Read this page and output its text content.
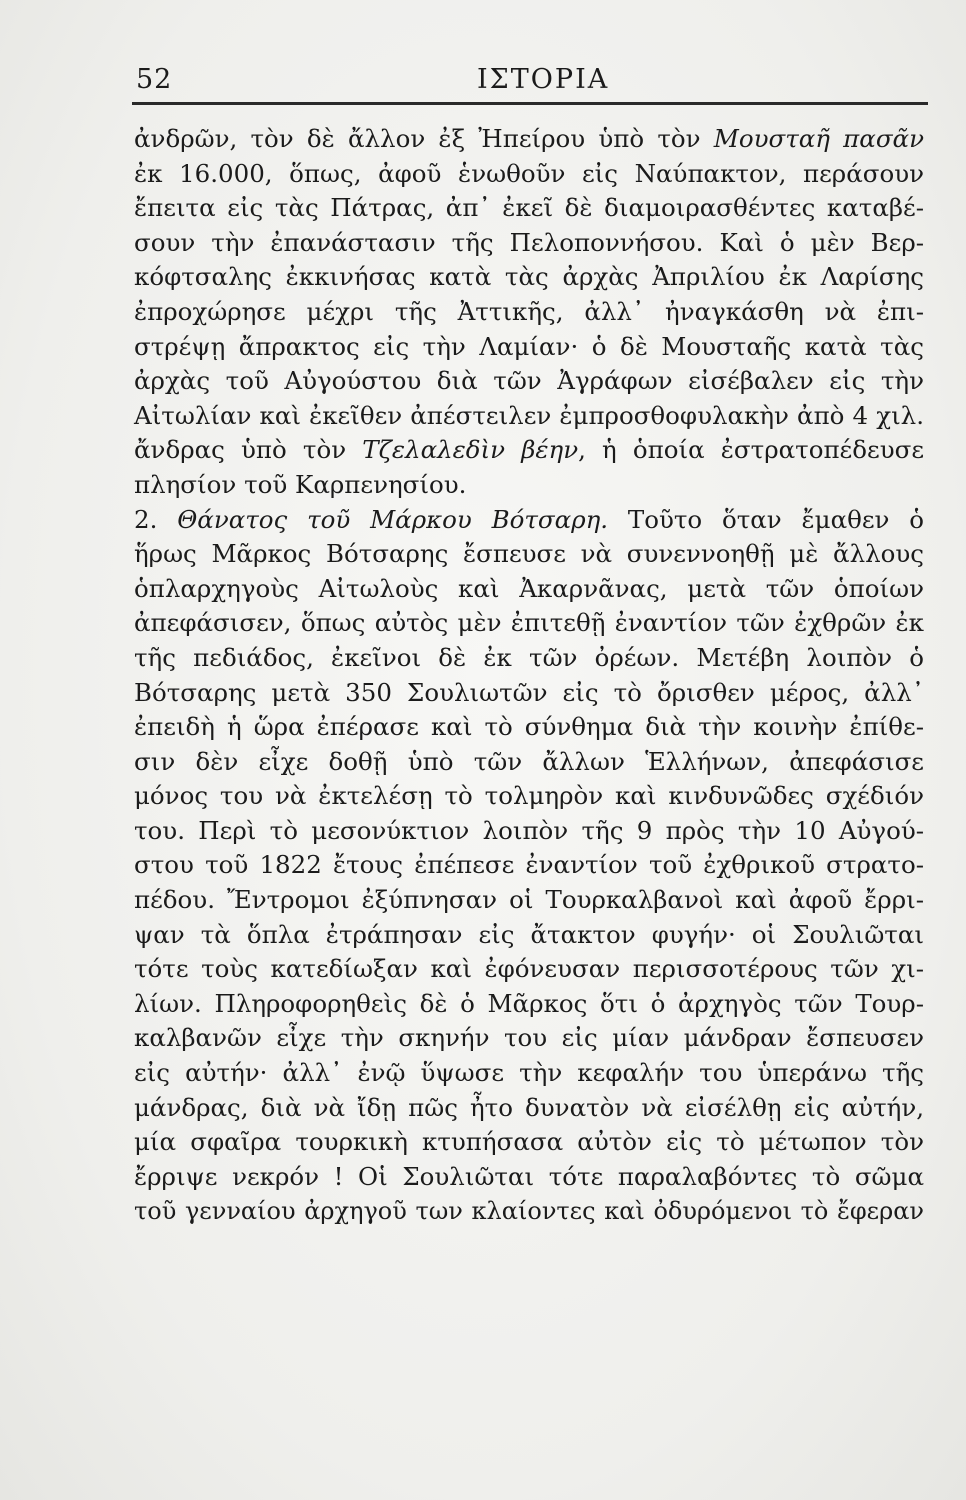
52	ΙΣΤΟΡΙΑ
ἀνδρῶν, τὸν δὲ ἄλλον ἐξ Ἠπείρου ὑπὸ τὸν Μουσταῆ πασᾶν
ἐκ 16.000, ὅπως, ἀφοῦ ἑνωθοῦν εἰς Ναύπακτον, περάσουν
ἔπειτα εἰς τὰς Πάτρας, ἀπ᾽ ἐκεῖ δὲ διαμοιρασθέντες καταβέ-
σουν τὴν ἐπανάστασιν τῆς Πελοποννήσου. Καὶ ὁ μὲν Βερ-
κόφτσαλης ἐκκινήσας κατὰ τὰς ἀρχὰς Ἀπριλίου ἐκ Λαρίσης
ἐπροχώρησε μέχρι τῆς Ἀττικῆς, ἀλλ᾽ ἠναγκάσθη νὰ ἐπι-
στρέψῃ ἄπρακτος εἰς τὴν Λαμίαν· ὁ δὲ Μουσταῆς κατὰ τὰς
ἀρχὰς τοῦ Αὐγούστου διὰ τῶν Ἀγράφων εἰσέβαλεν εἰς τὴν
Αἰτωλίαν καὶ ἐκεῖθεν ἀπέστειλεν ἐμπροσθοφυλακὴν ἀπὸ 4 χιλ.
ἄνδρας ὑπὸ τὸν Τζελαλεδὶν βέην, ἡ ὁποία ἐστρατοπέδευσε
πλησίον τοῦ Καρπενησίου.
2. Θάνατος τοῦ Μάρκου Βότσαρη. Τοῦτο ὅταν ἔμαθεν ὁ
ἥρως Μᾶρκος Βότσαρης ἔσπευσε νὰ συνεννοηθῇ μὲ ἄλλους
ὁπλαρχηγοὺς Αἰτωλοὺς καὶ Ἀκαρνᾶνας, μετὰ τῶν ὁποίων
ἀπεφάσισεν, ὅπως αὐτὸς μὲν ἐπιτεθῇ ἐναντίον τῶν ἐχθρῶν ἐκ
τῆς πεδιάδος, ἐκεῖνοι δὲ ἐκ τῶν ὀρέων. Μετέβη λοιπὸν ὁ
Βότσαρης μετὰ 350 Σουλιωτῶν εἰς τὸ ὄρισθεν μέρος, ἀλλ᾽
ἐπειδὴ ἡ ὥρα ἐπέρασε καὶ τὸ σύνθημα διὰ τὴν κοινὴν ἐπίθε-
σιν δὲν εἶχε δοθῇ ὑπὸ τῶν ἄλλων Ἑλλήνων, ἀπεφάσισε
μόνος του νὰ ἐκτελέσῃ τὸ τολμηρὸν καὶ κινδυνῶδες σχέδιόν
του. Περὶ τὸ μεσονύκτιον λοιπὸν τῆς 9 πρὸς τὴν 10 Αὐγού-
στου τοῦ 1822 ἔτους ἐπέπεσε ἐναντίον τοῦ ἐχθρικοῦ στρατο-
πέδου. Ἔντρομοι ἐξύπνησαν οἱ Τουρκαλβανοὶ καὶ ἀφοῦ ἔρρι-
ψαν τὰ ὅπλα ἐτράπησαν εἰς ἄτακτον φυγήν· οἱ Σουλιῶται
τότε τοὺς κατεδίωξαν καὶ ἐφόνευσαν περισσοτέρους τῶν χι-
λίων. Πληροφορηθεὶς δὲ ὁ Μᾶρκος ὅτι ὁ ἀρχηγὸς τῶν Τουρ-
καλβανῶν εἶχε τὴν σκηνήν του εἰς μίαν μάνδραν ἔσπευσεν
εἰς αὐτήν· ἀλλ᾽ ἐνῷ ὕψωσε τὴν κεφαλήν του ὑπεράνω τῆς
μάνδρας, διὰ νὰ ἴδῃ πῶς ἦτο δυνατὸν νὰ εἰσέλθῃ εἰς αὐτήν,
μία σφαῖρα τουρκικὴ κτυπήσασα αὐτὸν εἰς τὸ μέτωπον τὸν
ἔρριψε νεκρόν ! Οἱ Σουλιῶται τότε παραλαβόντες τὸ σῶμα
τοῦ γενναίου ἀρχηγοῦ των κλαίοντες καὶ ὀδυρόμενοι τὸ ἔφεραν
